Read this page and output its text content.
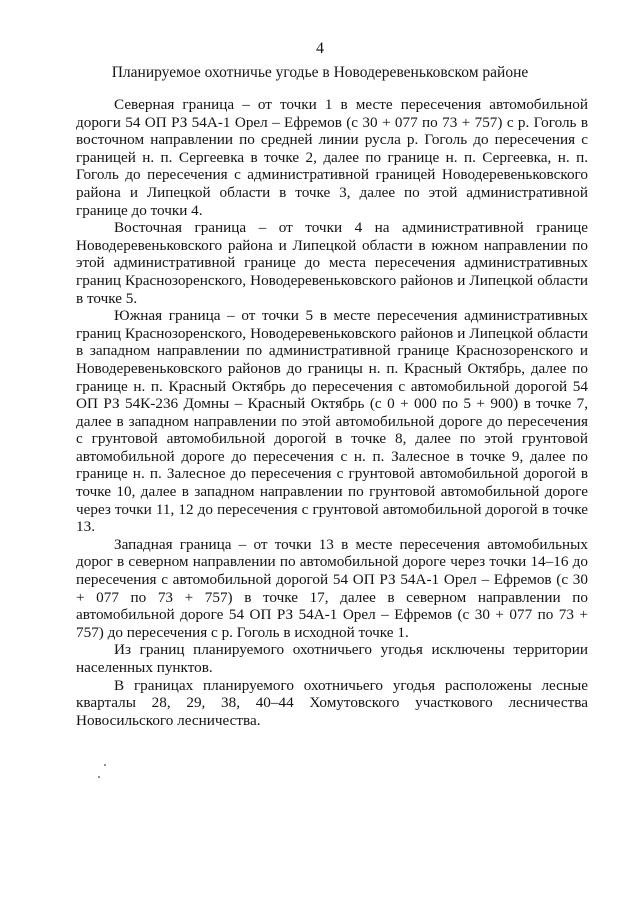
4
Планируемое охотничье угодье в Новодеревеньковском районе

Северная граница – от точки 1 в месте пересечения автомобильной дороги 54 ОП РЗ 54А-1 Орел – Ефремов (с 30 + 077 по 73 + 757) с р. Гоголь в восточном направлении по средней линии русла р. Гоголь до пересечения с границей н. п. Сергеевка в точке 2, далее по границе н. п. Сергеевка, н. п. Гоголь до пересечения с административной границей Новодеревеньковского района и Липецкой области в точке 3, далее по этой административной границе до точки 4.

Восточная граница – от точки 4 на административной границе Новодеревеньковского района и Липецкой области в южном направлении по этой административной границе до места пересечения административных границ Краснозоренского, Новодеревеньковского районов и Липецкой области в точке 5.

Южная граница – от точки 5 в месте пересечения административных границ Краснозоренского, Новодеревеньковского районов и Липецкой области в западном направлении по административной границе Краснозоренского и Новодеревеньковского районов до границы н. п. Красный Октябрь, далее по границе н. п. Красный Октябрь до пересечения с автомобильной дорогой 54 ОП РЗ 54К-236 Домны – Красный Октябрь (с 0 + 000 по 5 + 900) в точке 7, далее в западном направлении по этой автомобильной дороге до пересечения с грунтовой автомобильной дорогой в точке 8, далее по этой грунтовой автомобильной дороге до пересечения с н. п. Залесное в точке 9, далее по границе н. п. Залесное до пересечения с грунтовой автомобильной дорогой в точке 10, далее в западном направлении по грунтовой автомобильной дороге через точки 11, 12 до пересечения с грунтовой автомобильной дорогой в точке 13.

Западная граница – от точки 13 в месте пересечения автомобильных дорог в северном направлении по автомобильной дороге через точки 14–16 до пересечения с автомобильной дорогой 54 ОП РЗ 54А-1 Орел – Ефремов (с 30 + 077 по 73 + 757) в точке 17, далее в северном направлении по автомобильной дороге 54 ОП РЗ 54А-1 Орел – Ефремов (с 30 + 077 по 73 + 757) до пересечения с р. Гоголь в исходной точке 1.

Из границ планируемого охотничьего угодья исключены территории населенных пунктов.

В границах планируемого охотничьего угодья расположены лесные кварталы 28, 29, 38, 40–44 Хомутовского участкового лесничества Новосильского лесничества.
